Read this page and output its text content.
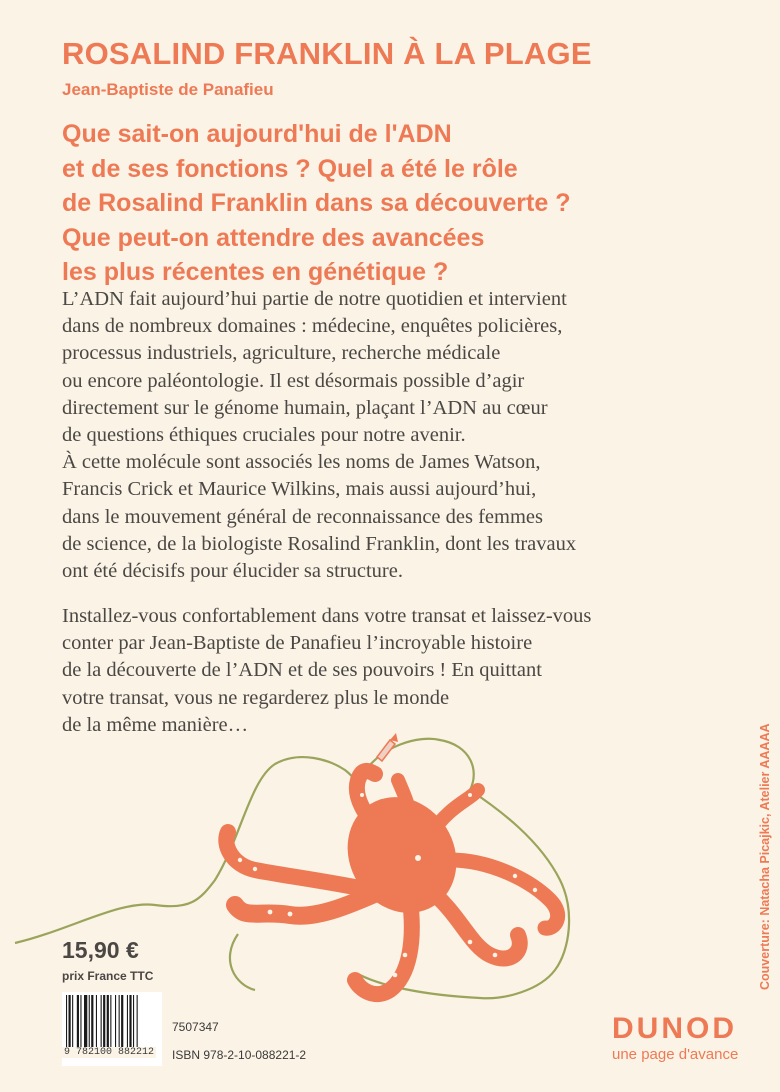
ROSALIND FRANKLIN À LA PLAGE
Jean-Baptiste de Panafieu
Que sait-on aujourd'hui de l'ADN
et de ses fonctions ? Quel a été le rôle
de Rosalind Franklin dans sa découverte ?
Que peut-on attendre des avancées
les plus récentes en génétique ?
L’ADN fait aujourd’hui partie de notre quotidien et intervient
dans de nombreux domaines : médecine, enquêtes policières,
processus industriels, agriculture, recherche médicale
ou encore paléontologie. Il est désormais possible d’agir
directement sur le génome humain, plaçant l’ADN au cœur
de questions éthiques cruciales pour notre avenir.
À cette molécule sont associés les noms de James Watson,
Francis Crick et Maurice Wilkins, mais aussi aujourd’hui,
dans le mouvement général de reconnaissance des femmes
de science, de la biologiste Rosalind Franklin, dont les travaux
ont été décisifs pour élucider sa structure.
Installez-vous confortablement dans votre transat et laissez-vous
conter par Jean-Baptiste de Panafieu l’incroyable histoire
de la découverte de l’ADN et de ses pouvoirs ! En quittant
votre transat, vous ne regarderez plus le monde
de la même manière…	Couverture: Natacha Picajkic, Atelier AAAAA
15,90 €
prix France TTC
9 782100 882212
7507347
ISBN 978-2-10-088221-2
DUNOD
une page d'avance
